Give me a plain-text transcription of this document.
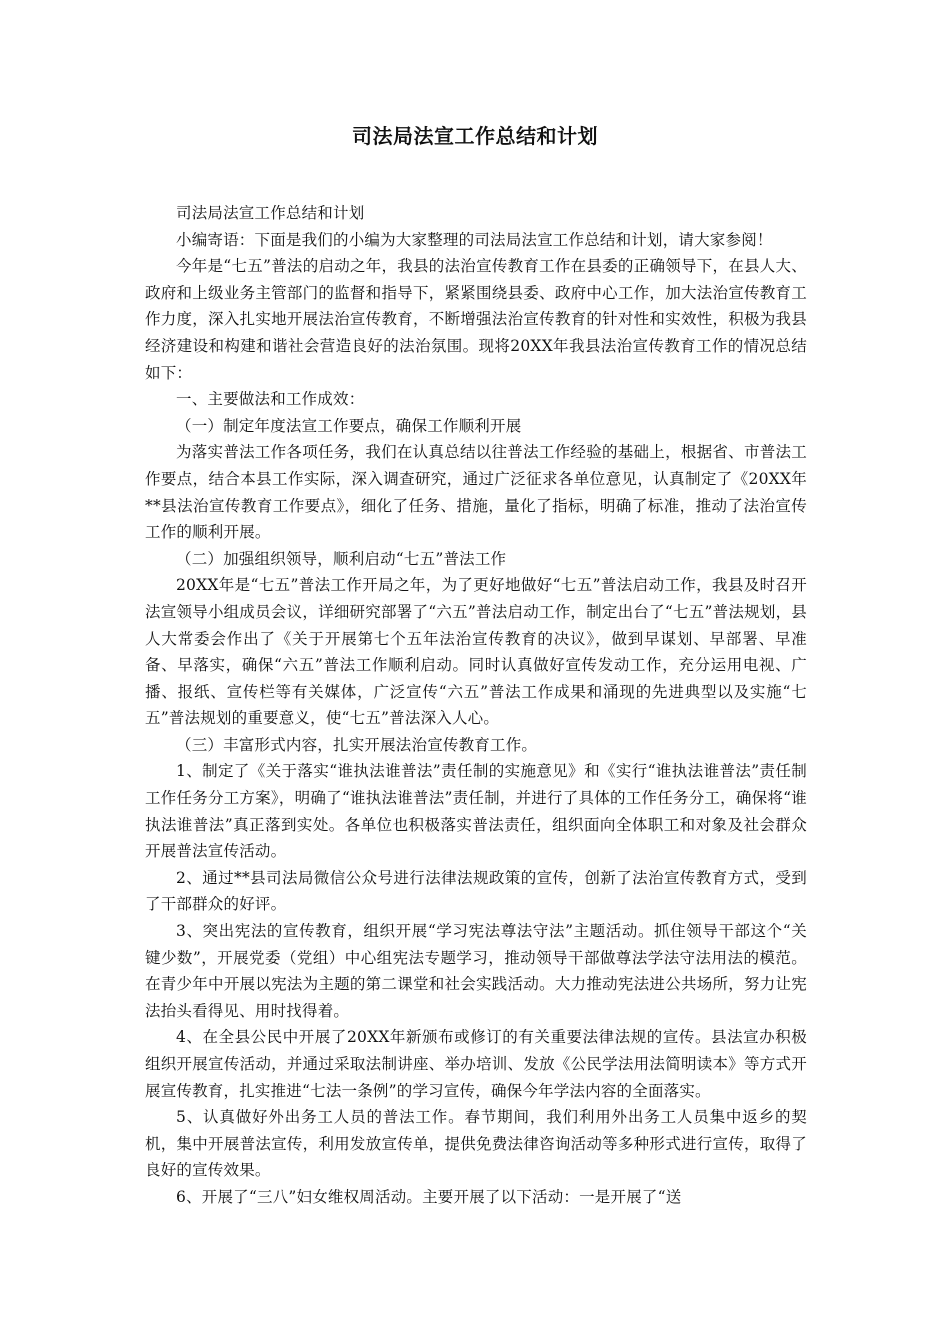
司法局法宣工作总结和计划

司法局法宣工作总结和计划

小编寄语：下面是我们的小编为大家整理的司法局法宣工作总结和计划，请大家参阅！

今年是“七五”普法的启动之年，我县的法治宣传教育工作在县委的正确领导下，在县人大、政府和上级业务主管部门的监督和指导下，紧紧围绕县委、政府中心工作，加大法治宣传教育工作力度，深入扎实地开展法治宣传教育，不断增强法治宣传教育的针对性和实效性，积极为我县经济建设和构建和谐社会营造良好的法治氛围。现将20XX年我县法治宣传教育工作的情况总结如下：

一、主要做法和工作成效：

（一）制定年度法宣工作要点，确保工作顺利开展

为落实普法工作各项任务，我们在认真总结以往普法工作经验的基础上，根据省、市普法工作要点，结合本县工作实际，深入调查研究，通过广泛征求各单位意见，认真制定了《20XX年**县法治宣传教育工作要点》，细化了任务、措施，量化了指标，明确了标准，推动了法治宣传工作的顺利开展。

（二）加强组织领导，顺利启动“七五”普法工作

20XX年是“七五”普法工作开局之年，为了更好地做好“七五”普法启动工作，我县及时召开法宣领导小组成员会议，详细研究部署了“六五”普法启动工作，制定出台了“七五”普法规划，县人大常委会作出了《关于开展第七个五年法治宣传教育的决议》，做到早谋划、早部署、早准备、早落实，确保“六五”普法工作顺利启动。同时认真做好宣传发动工作，充分运用电视、广播、报纸、宣传栏等有关媒体，广泛宣传“六五”普法工作成果和涌现的先进典型以及实施“七五”普法规划的重要意义，使“七五”普法深入人心。

（三）丰富形式内容，扎实开展法治宣传教育工作。

1、制定了《关于落实“谁执法谁普法”责任制的实施意见》和《实行“谁执法谁普法”责任制工作任务分工方案》，明确了“谁执法谁普法”责任制，并进行了具体的工作任务分工，确保将“谁执法谁普法”真正落到实处。各单位也积极落实普法责任，组织面向全体职工和对象及社会群众开展普法宣传活动。

2、通过**县司法局微信公众号进行法律法规政策的宣传，创新了法治宣传教育方式，受到了干部群众的好评。

3、突出宪法的宣传教育，组织开展“学习宪法尊法守法”主题活动。抓住领导干部这个“关键少数”，开展党委（党组）中心组宪法专题学习，推动领导干部做尊法学法守法用法的模范。在青少年中开展以宪法为主题的第二课堂和社会实践活动。大力推动宪法进公共场所，努力让宪法抬头看得见、用时找得着。

4、在全县公民中开展了20XX年新颁布或修订的有关重要法律法规的宣传。县法宣办积极组织开展宣传活动，并通过采取法制讲座、举办培训、发放《公民学法用法简明读本》等方式开展宣传教育，扎实推进“七法一条例”的学习宣传，确保今年学法内容的全面落实。

5、认真做好外出务工人员的普法工作。春节期间，我们利用外出务工人员集中返乡的契机，集中开展普法宣传，利用发放宣传单，提供免费法律咨询活动等多种形式进行宣传，取得了良好的宣传效果。

6、开展了“三八”妇女维权周活动。主要开展了以下活动：一是开展了“送
